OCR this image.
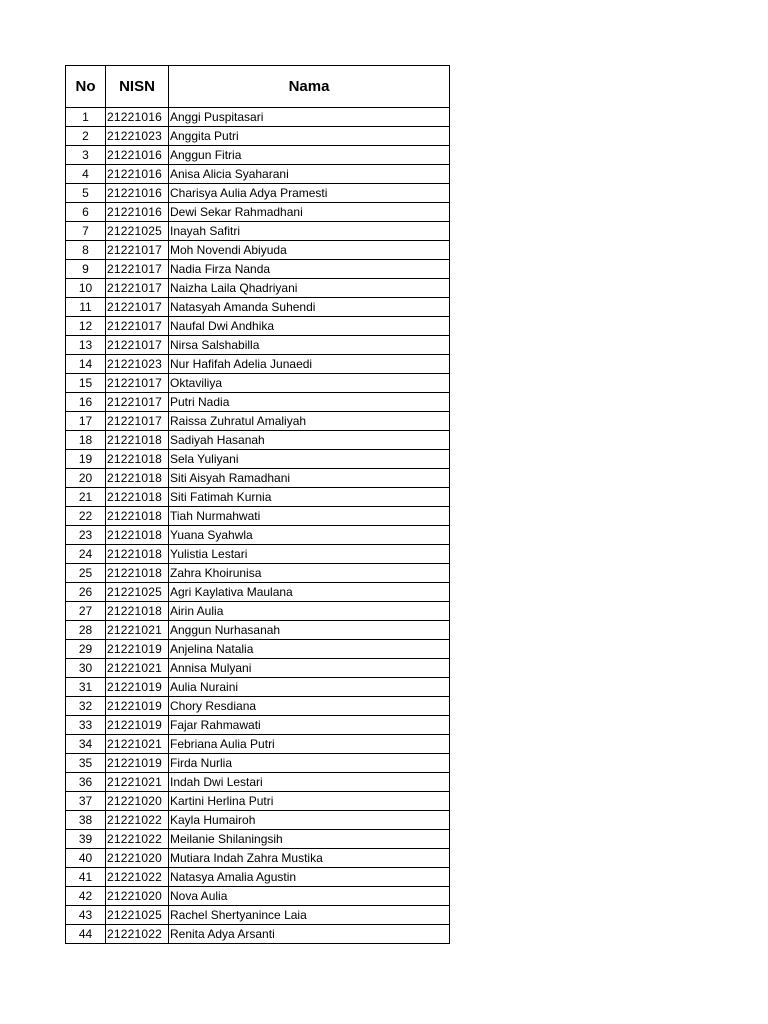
No	NISN	Nama
1	21221016	Anggi Puspitasari
2	21221023	Anggita Putri
3	21221016	Anggun Fitria
4	21221016	Anisa Alicia Syaharani
5	21221016	Charisya Aulia Adya Pramesti
6	21221016	Dewi Sekar Rahmadhani
7	21221025	Inayah Safitri
8	21221017	Moh Novendi Abiyuda
9	21221017	Nadia Firza Nanda
10	21221017	Naizha Laila Qhadriyani
11	21221017	Natasyah Amanda Suhendi
12	21221017	Naufal Dwi Andhika
13	21221017	Nirsa Salshabilla
14	21221023	Nur Hafifah Adelia Junaedi
15	21221017	Oktaviliya
16	21221017	Putri Nadia
17	21221017	Raissa Zuhratul Amaliyah
18	21221018	Sadiyah Hasanah
19	21221018	Sela Yuliyani
20	21221018	Siti Aisyah Ramadhani
21	21221018	Siti Fatimah Kurnia
22	21221018	Tiah Nurmahwati
23	21221018	Yuana Syahwla
24	21221018	Yulistia Lestari
25	21221018	Zahra Khoirunisa
26	21221025	Agri Kaylativa Maulana
27	21221018	Airin Aulia
28	21221021	Anggun Nurhasanah
29	21221019	Anjelina Natalia
30	21221021	Annisa Mulyani
31	21221019	Aulia Nuraini
32	21221019	Chory Resdiana
33	21221019	Fajar Rahmawati
34	21221021	Febriana Aulia Putri
35	21221019	Firda Nurlia
36	21221021	Indah Dwi Lestari
37	21221020	Kartini Herlina Putri
38	21221022	Kayla Humairoh
39	21221022	Meilanie Shilaningsih
40	21221020	Mutiara Indah Zahra Mustika
41	21221022	Natasya Amalia Agustin
42	21221020	Nova Aulia
43	21221025	Rachel Shertyanince Laia
44	21221022	Renita Adya Arsanti
